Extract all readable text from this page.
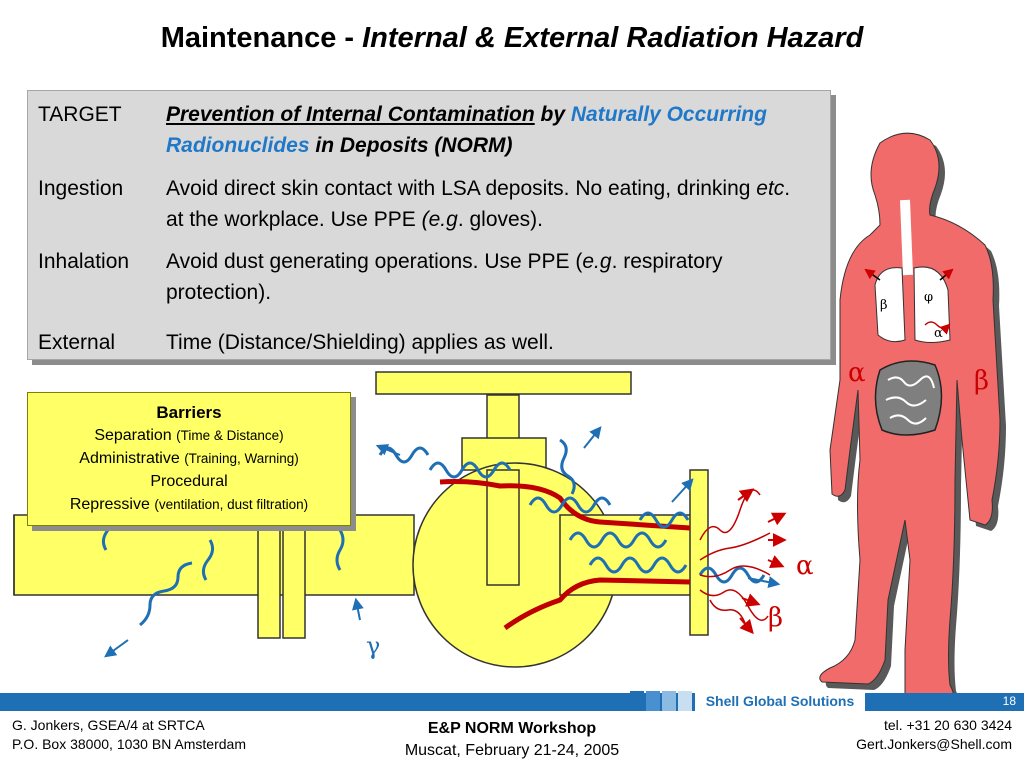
Maintenance - Internal & External Radiation Hazard
α	β
α
β
γ
β
φ
α
TARGET Prevention of Internal Contamination by Naturally Occurring Radionuclides in Deposits (NORM)
Ingestion Avoid direct skin contact with LSA deposits. No eating, drinking etc. at the workplace. Use PPE (e.g. gloves).
Inhalation Avoid dust generating operations. Use PPE (e.g. respiratory protection).
External Time (Distance/Shielding) applies as well.
Barriers
Separation (Time & Distance)
Administrative (Training, Warning)
Procedural
Repressive (ventilation, dust filtration)
Shell Global Solutions	18
G. Jonkers, GSEA/4 at SRTCA
P.O. Box 38000, 1030 BN Amsterdam
E&P NORM Workshop
Muscat, February 21-24, 2005
tel. +31 20 630 3424
Gert.Jonkers@Shell.com
